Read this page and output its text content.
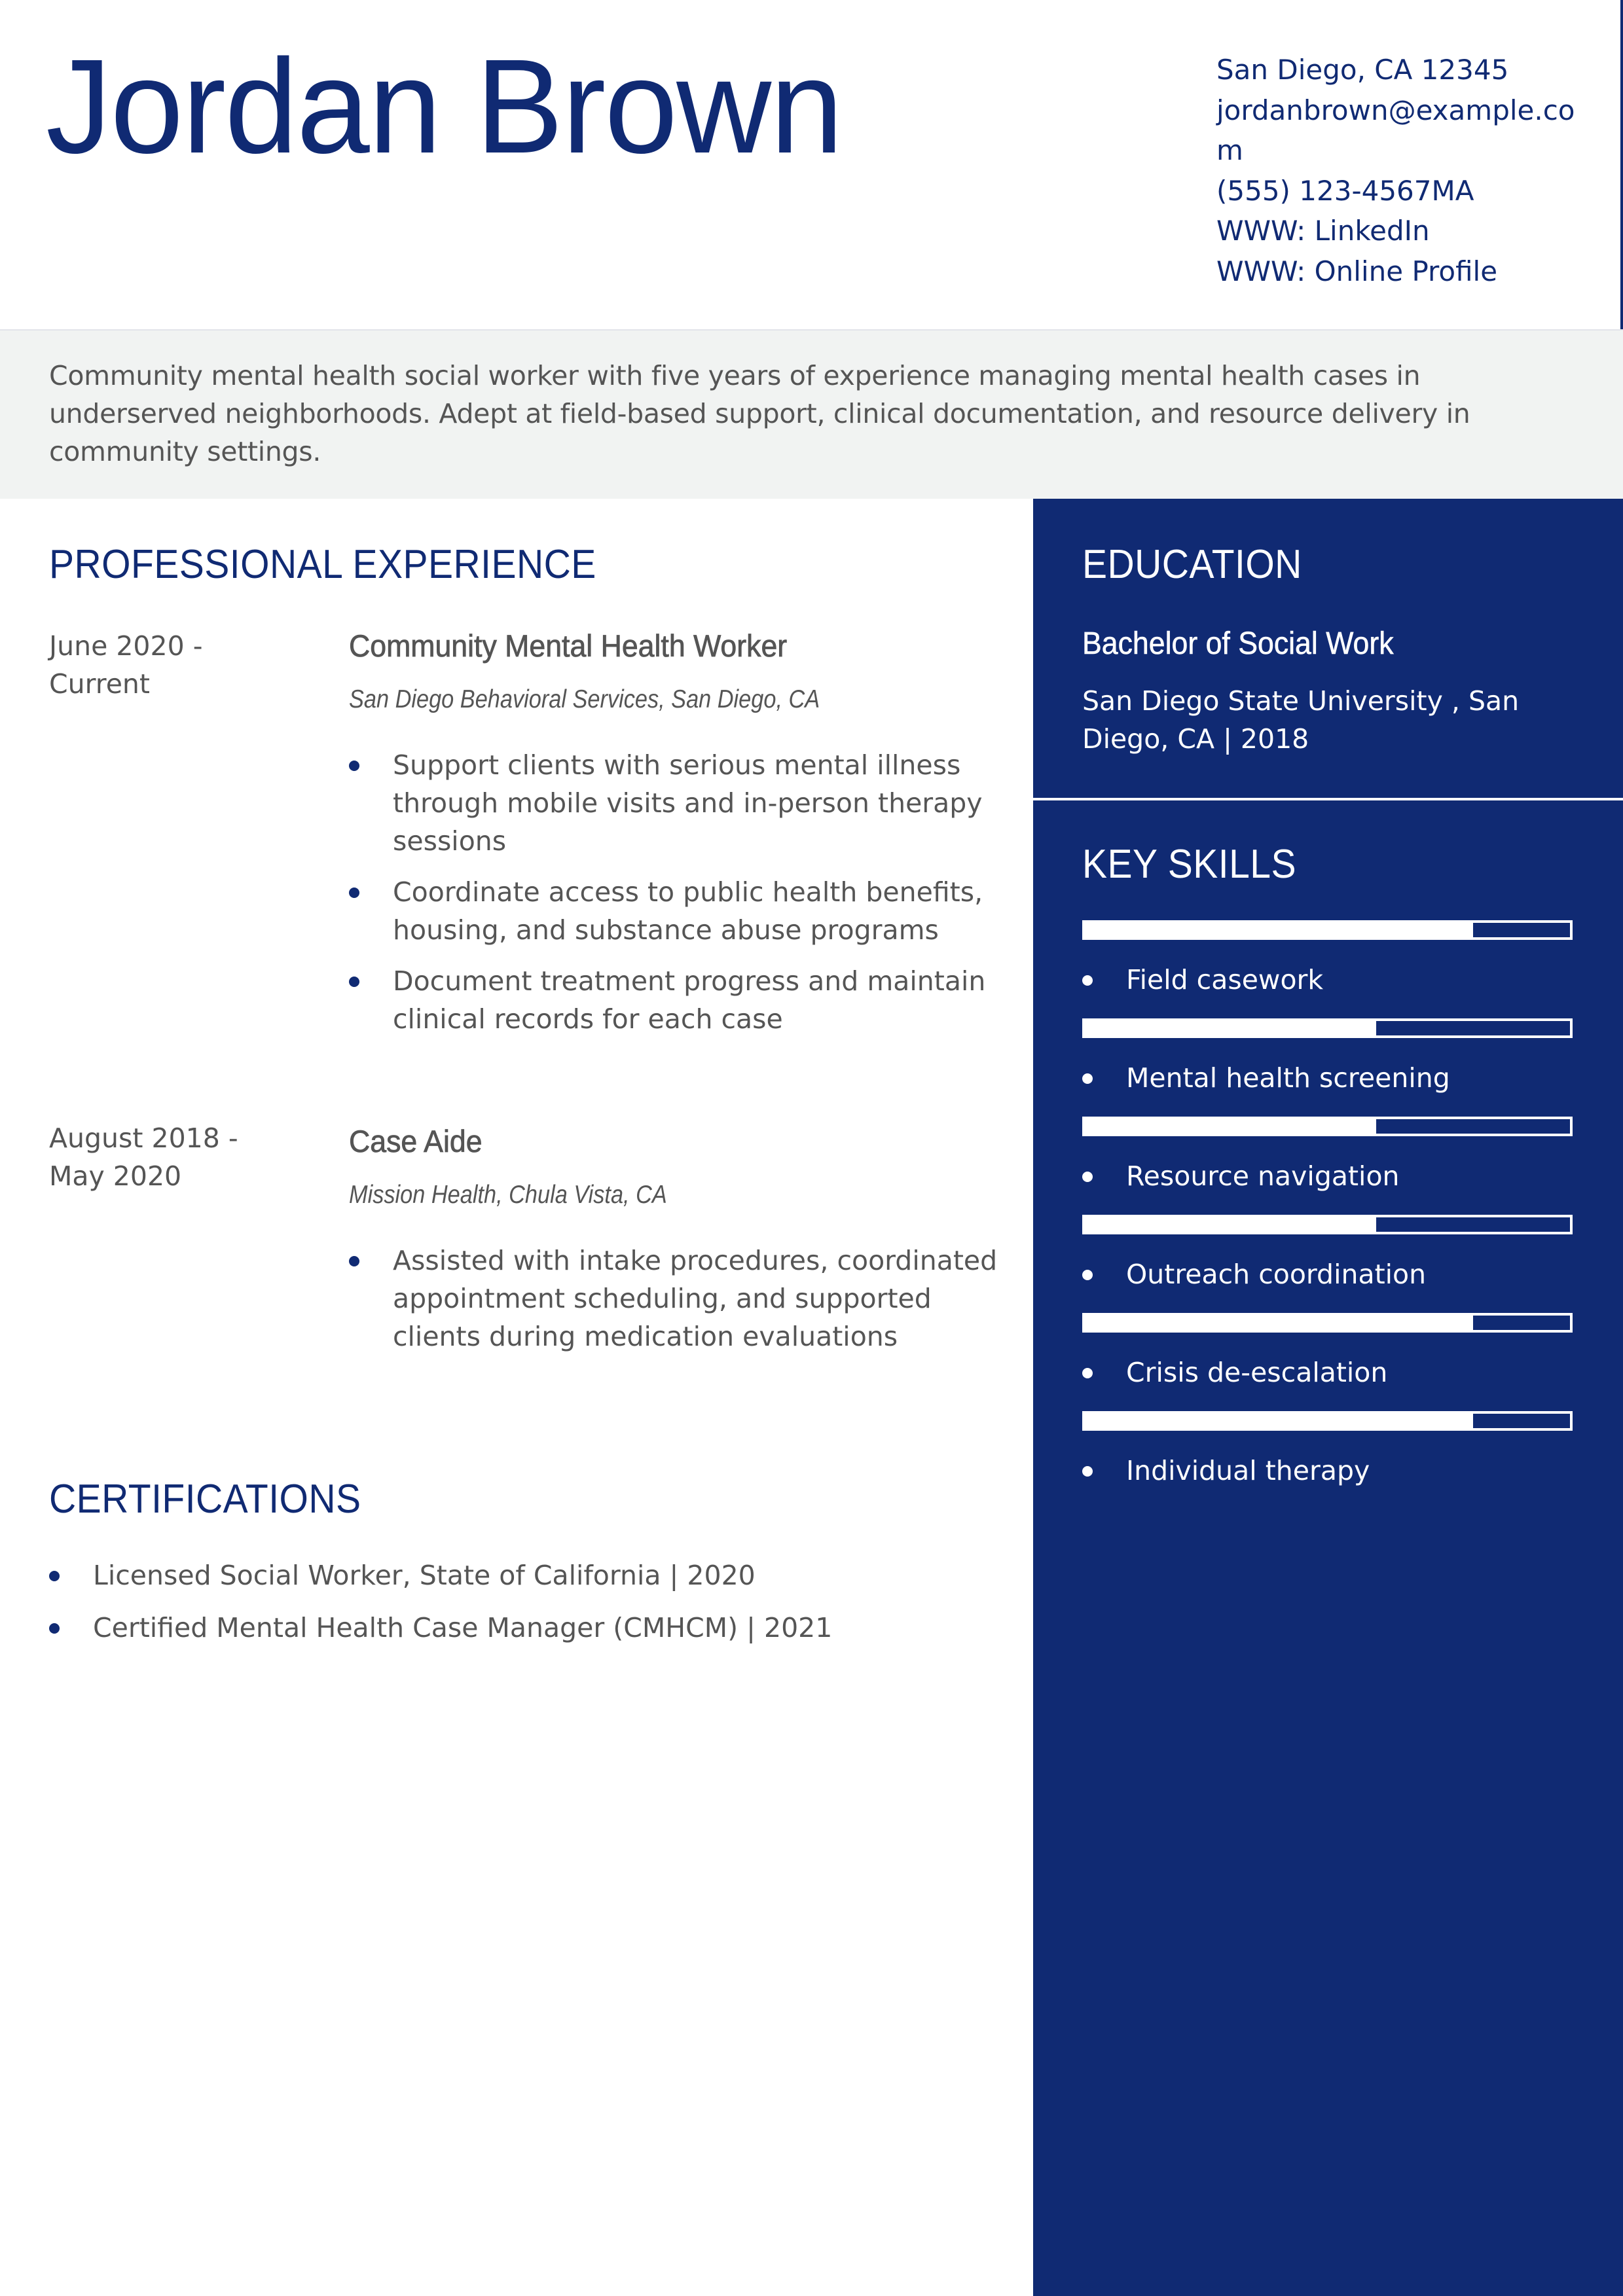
Jordan Brown	San Diego, CA 12345
jordanbrown@example.com
(555) 123-4567MA
WWW: LinkedIn
WWW: Online Profile
Community mental health social worker with five years of experience managing mental health cases in underserved neighborhoods. Adept at field-based support, clinical documentation, and resource delivery in community settings.
PROFESSIONAL EXPERIENCE
June 2020 - Current
Community Mental Health Worker
San Diego Behavioral Services, San Diego, CA
Support clients with serious mental illness through mobile visits and in-person therapy sessions
Coordinate access to public health benefits, housing, and substance abuse programs
Document treatment progress and maintain clinical records for each case
August 2018 - May 2020
Case Aide
Mission Health, Chula Vista, CA
Assisted with intake procedures, coordinated appointment scheduling, and supported clients during medication evaluations
CERTIFICATIONS
Licensed Social Worker, State of California | 2020
Certified Mental Health Case Manager (CMHCM) | 2021
EDUCATION
Bachelor of Social Work
San Diego State University , San Diego, CA | 2018
KEY SKILLS
Field casework
Mental health screening
Resource navigation
Outreach coordination
Crisis de-escalation
Individual therapy
